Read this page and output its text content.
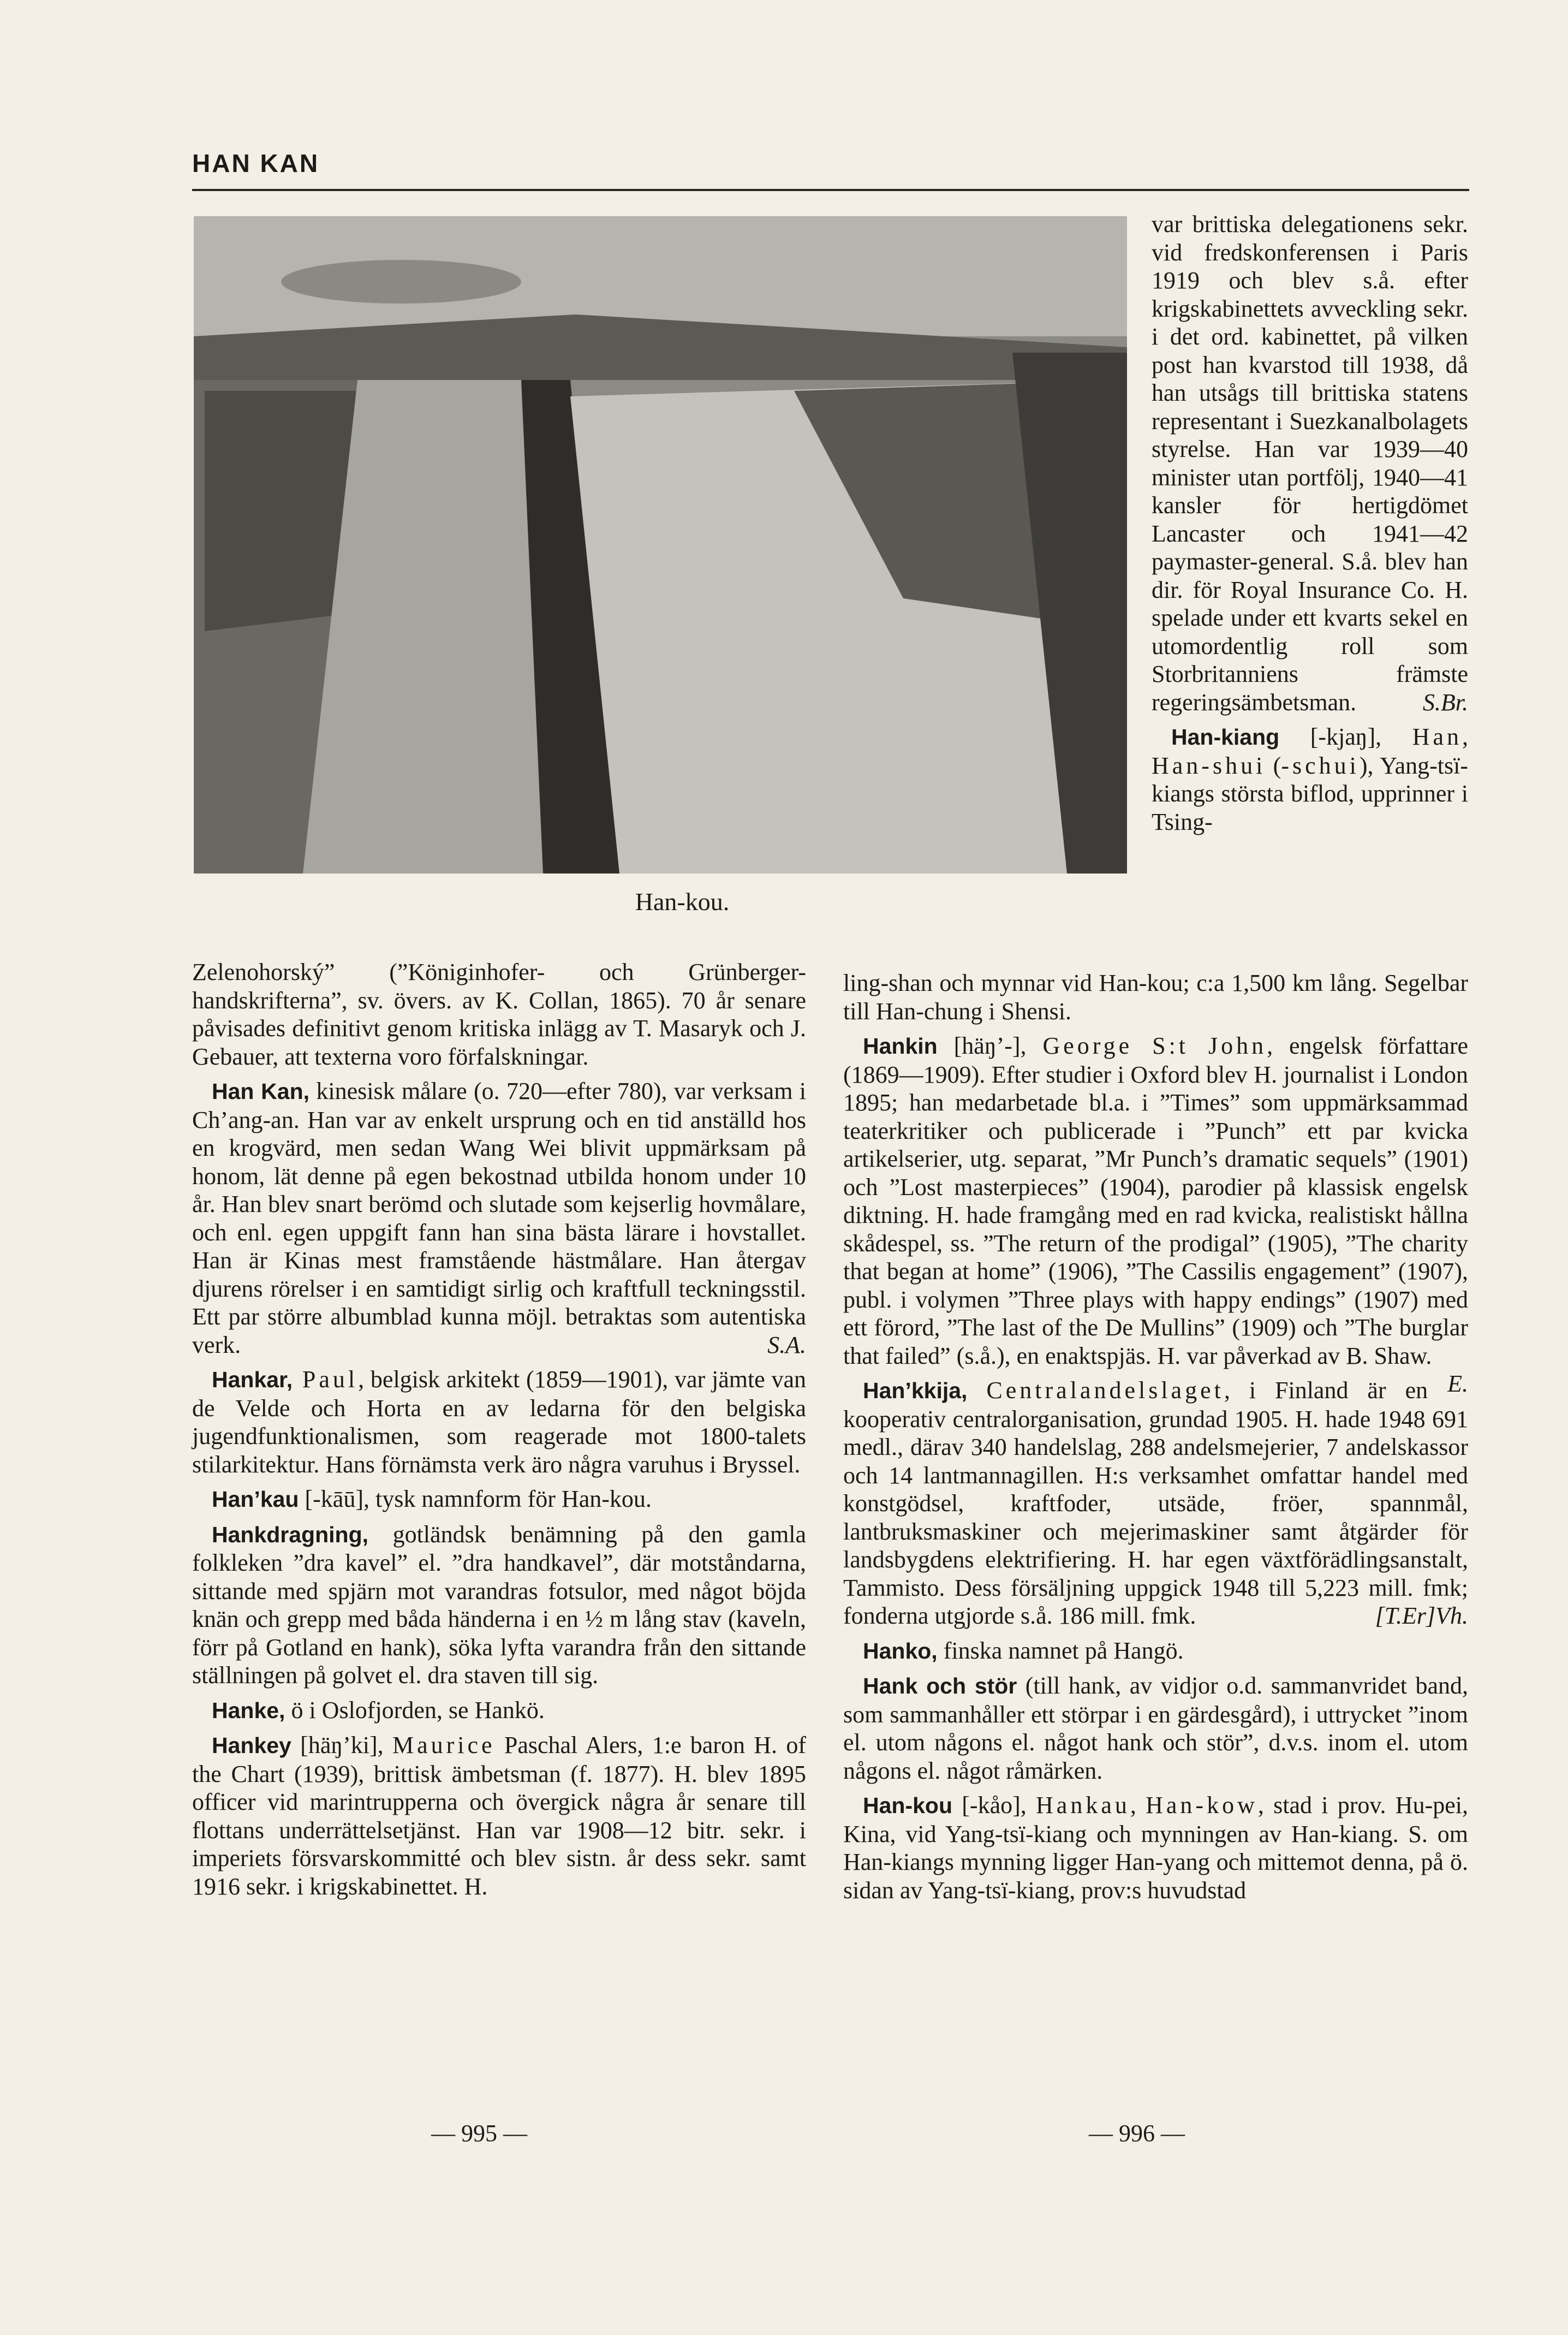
HAN KAN
Han-kou.

Zelenohorský” (”Königinhofer- och Grünberger-handskrifterna”, sv. övers. av K. Collan, 1865). 70 år senare påvisades definitivt genom kritiska inlägg av T. Masaryk och J. Gebauer, att texterna voro förfalskningar.

Han Kan, kinesisk målare (o. 720—efter 780), var verksam i Ch’ang-an. Han var av enkelt ursprung och en tid anställd hos en krogvärd, men sedan Wang Wei blivit uppmärksam på honom, lät denne på egen bekostnad utbilda honom under 10 år. Han blev snart berömd och slutade som kejserlig hovmålare, och enl. egen uppgift fann han sina bästa lärare i hovstallet. Han är Kinas mest framstående hästmålare. Han återgav djurens rörelser i en samtidigt sirlig och kraftfull teckningsstil. Ett par större albumblad kunna möjl. betraktas som autentiska verk.	S.A.

Hankar, Paul, belgisk arkitekt (1859—1901), var jämte van de Velde och Horta en av ledarna för den belgiska jugendfunktionalismen, som reagerade mot 1800-talets stilarkitektur. Hans förnämsta verk äro några varuhus i Bryssel.

Han’kau [-kāū], tysk namnform för Han-kou.

Hankdragning, gotländsk benämning på den gamla folkleken ”dra kavel” el. ”dra handkavel”, där motståndarna, sittande med spjärn mot varandras fotsulor, med något böjda knän och grepp med båda händerna i en ½ m lång stav (kaveln, förr på Gotland en hank), söka lyfta varandra från den sittande ställningen på golvet el. dra staven till sig.

Hanke, ö i Oslofjorden, se Hankö.

Hankey [häŋ’ki], Maurice Paschal Alers, 1:e baron H. of the Chart (1939), brittisk ämbetsman (f. 1877). H. blev 1895 officer vid marintrupperna och övergick några år senare till flottans underrättelsetjänst. Han var 1908—12 bitr. sekr. i imperiets försvarskommitté och blev sistn. år dess sekr. samt 1916 sekr. i krigskabinettet. H.

var brittiska delegationens sekr. vid fredskonferensen i Paris 1919 och blev s.å. efter krigskabinettets avveckling sekr. i det ord. kabinettet, på vilken post han kvarstod till 1938, då han utsågs till brittiska statens representant i Suezkanalbolagets styrelse. Han var 1939—40 minister utan portfölj, 1940—41 kansler för hertigdömet Lancaster och 1941—42 paymaster-general. S.å. blev han dir. för Royal Insurance Co. H. spelade under ett kvarts sekel en utomordentlig roll som Storbritanniens främste regeringsämbetsman.	S.Br.

Han-kiang [-kjaŋ], Han, Han-shui (-schui), Yang-tsï-kiangs största biflod, upprinner i Tsing-

ling-shan och mynnar vid Han-kou; c:a 1,500 km lång. Segelbar till Han-chung i Shensi.

Hankin [häŋ’-], George S:t John, engelsk författare (1869—1909). Efter studier i Oxford blev H. journalist i London 1895; han medarbetade bl.a. i ”Times” som uppmärksammad teaterkritiker och publicerade i ”Punch” ett par kvicka artikelserier, utg. separat, ”Mr Punch’s dramatic sequels” (1901) och ”Lost masterpieces” (1904), parodier på klassisk engelsk diktning. H. hade framgång med en rad kvicka, realistiskt hållna skådespel, ss. ”The return of the prodigal” (1905), ”The charity that began at home” (1906), ”The Cassilis engagement” (1907), publ. i volymen ”Three plays with happy endings” (1907) med ett förord, ”The last of the De Mullins” (1909) och ”The burglar that failed” (s.å.), en enaktspjäs. H. var påverkad av B. Shaw.
E.

Han’kkija, Centralandelslaget, i Finland är en kooperativ centralorganisation, grundad 1905. H. hade 1948 691 medl., därav 340 handelslag, 288 andelsmejerier, 7 andelskassor och 14 lantmannagillen. H:s verksamhet omfattar handel med konstgödsel, kraftfoder, utsäde, fröer, spannmål, lantbruksmaskiner och mejerimaskiner samt åtgärder för landsbygdens elektrifiering. H. har egen växtförädlingsanstalt, Tammisto. Dess försäljning uppgick 1948 till 5,223 mill. fmk; fonderna utgjorde s.å. 186 mill. fmk.	[T.Er]Vh.

Hanko, finska namnet på Hangö.

Hank och stör (till hank, av vidjor o.d. sammanvridet band, som sammanhåller ett störpar i en gärdesgård), i uttrycket ”inom el. utom någons el. något hank och stör”, d.v.s. inom el. utom någons el. något råmärken.

Han-kou [-kåo], Hankau, Han-kow, stad i prov. Hu-pei, Kina, vid Yang-tsï-kiang och mynningen av Han-kiang. S. om Han-kiangs mynning ligger Han-yang och mittemot denna, på ö. sidan av Yang-tsï-kiang, prov:s huvudstad

— 995 —	— 996 —
